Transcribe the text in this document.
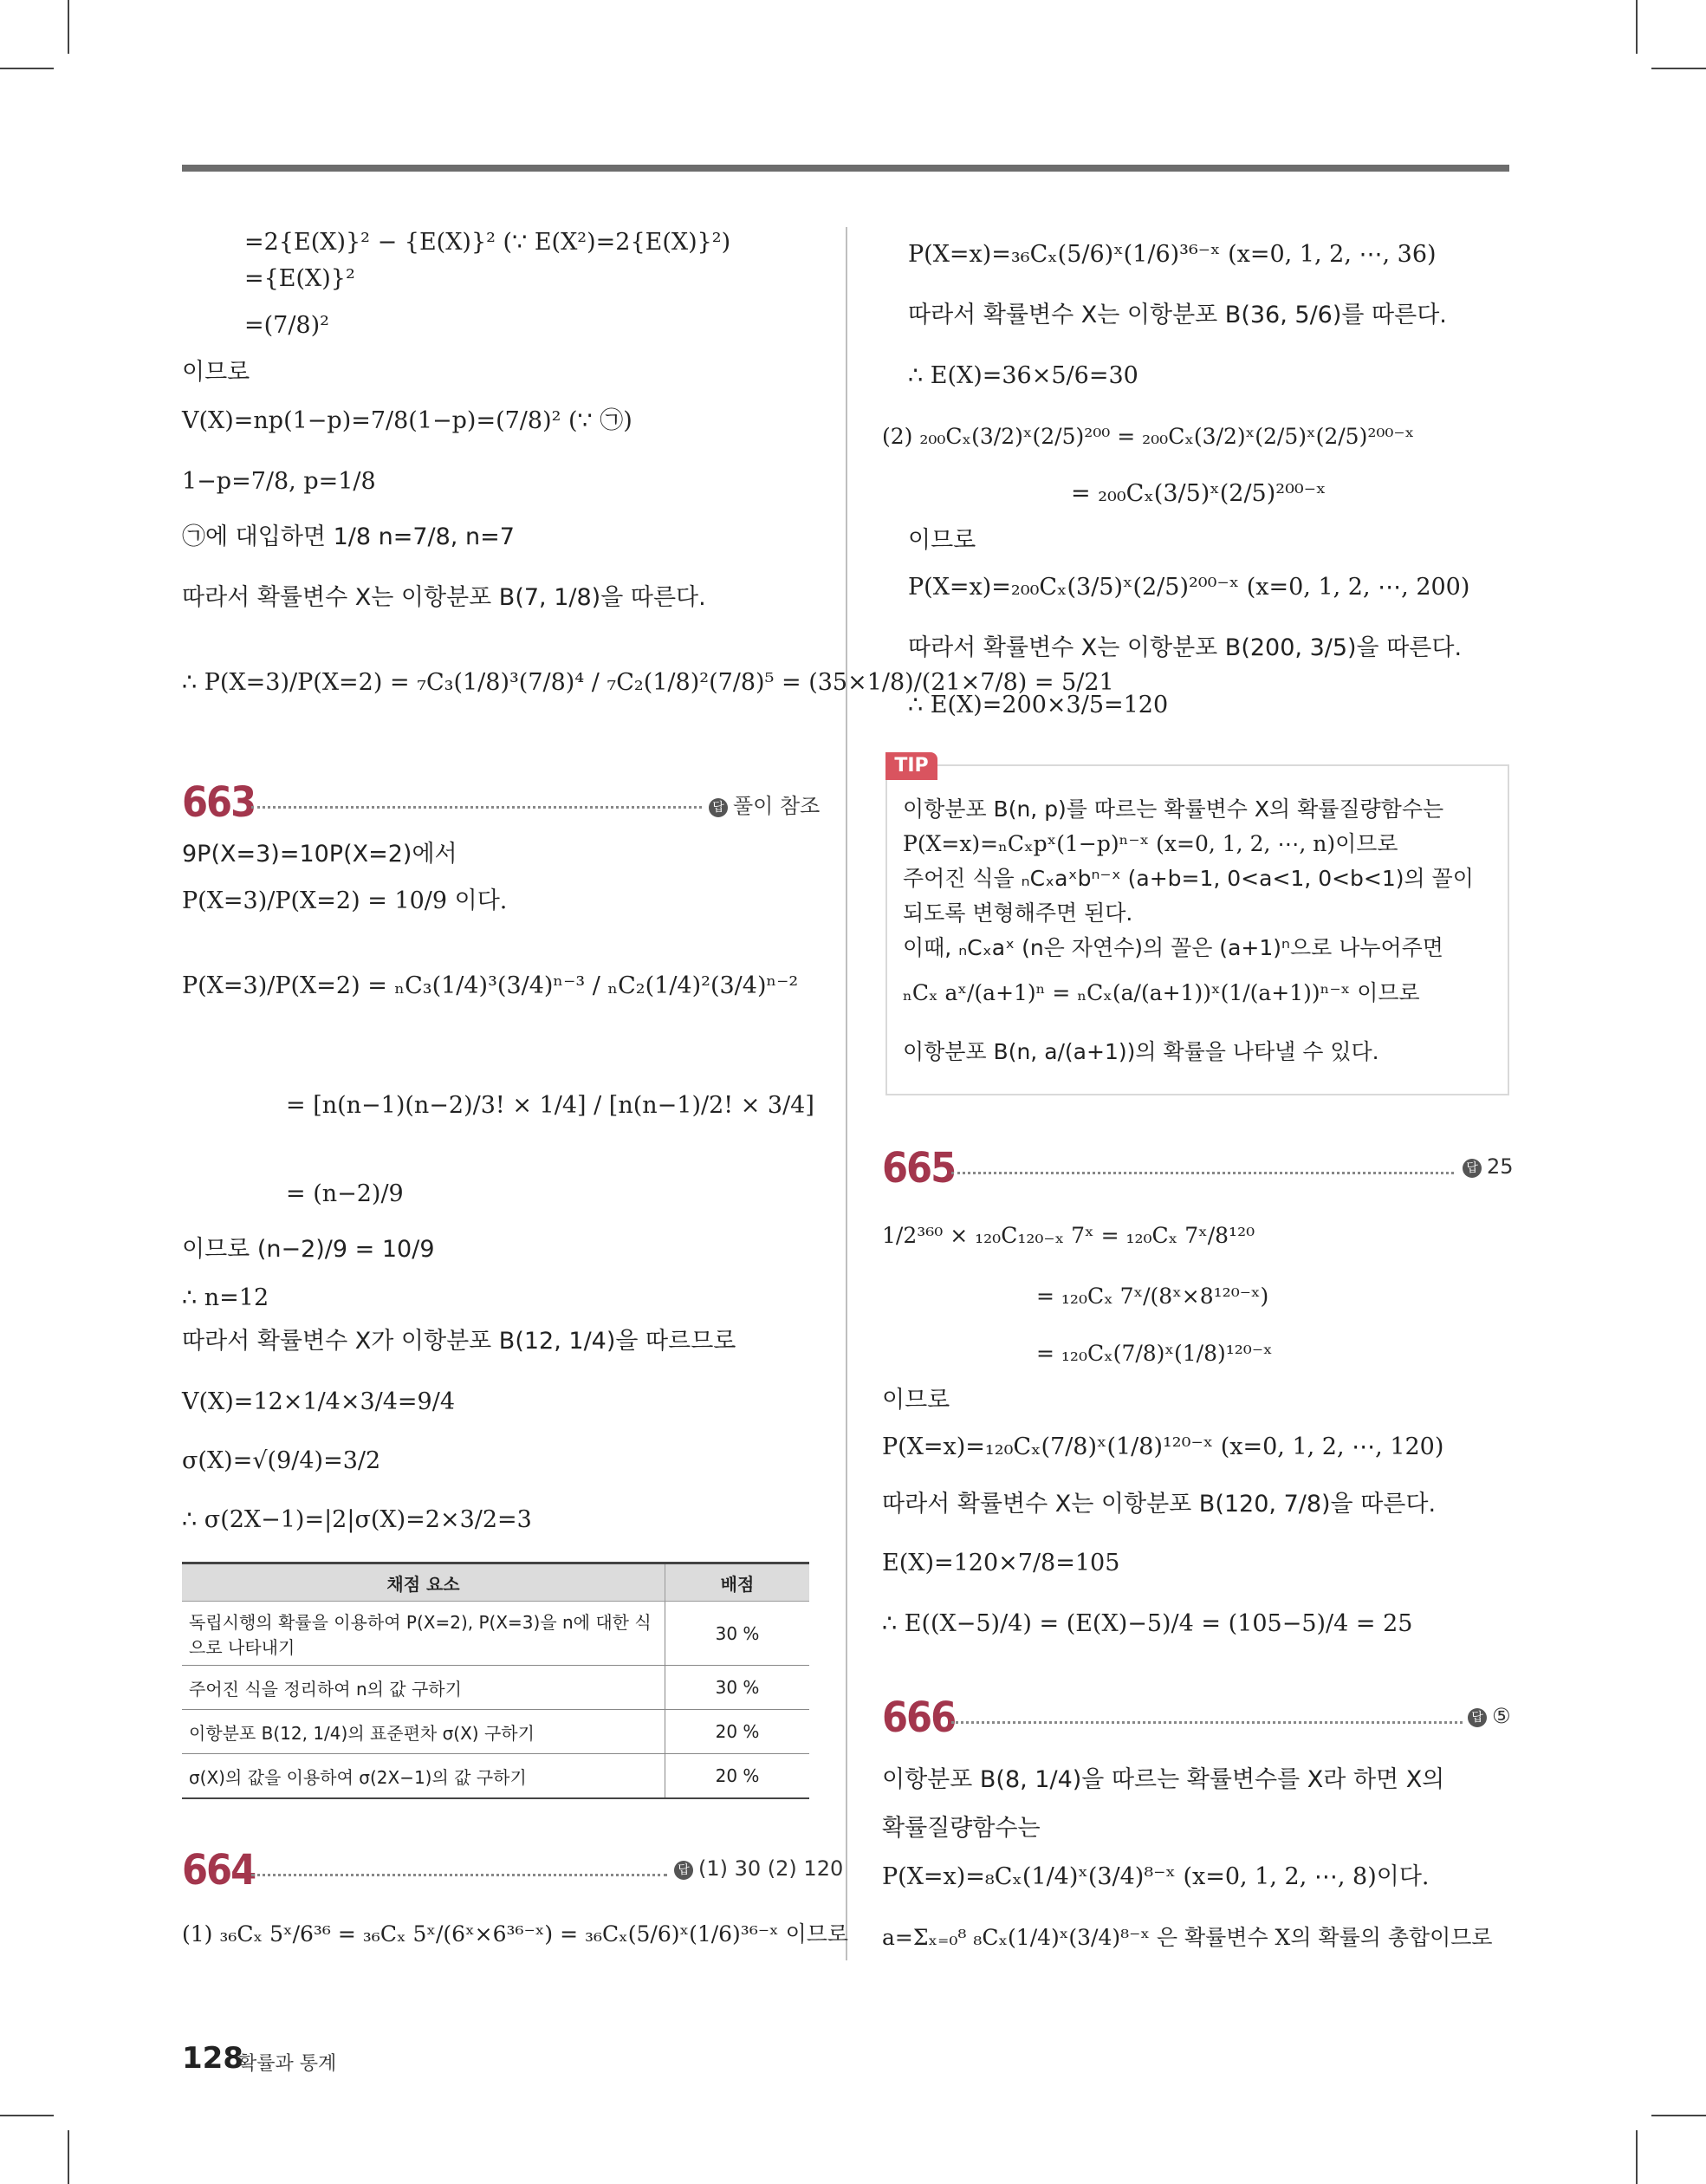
=2{E(X)}² − {E(X)}² (∵ E(X²)=2{E(X)}²)
={E(X)}²
=(7/8)²
이므로
V(X)=np(1−p)=7/8(1−p)=(7/8)² (∵ ㉠)
1−p=7/8, p=1/8
㉠에 대입하면 1/8 n=7/8, n=7
따라서 확률변수 X는 이항분포 B(7, 1/8)을 따른다.
∴ P(X=3)/P(X=2) = ₇C₃(1/8)³(7/8)⁴ / ₇C₂(1/8)²(7/8)⁵ = (35×1/8)/(21×7/8) = 5/21
663	답 풀이 참조
9P(X=3)=10P(X=2)에서
P(X=3)/P(X=2) = 10/9 이다.
P(X=3)/P(X=2) = ₙC₃(1/4)³(3/4)ⁿ⁻³ / ₙC₂(1/4)²(3/4)ⁿ⁻²
= [n(n−1)(n−2)/3! × 1/4] / [n(n−1)/2! × 3/4]
= (n−2)/9
이므로 (n−2)/9 = 10/9
∴ n=12
따라서 확률변수 X가 이항분포 B(12, 1/4)을 따르므로
V(X)=12×1/4×3/4=9/4
σ(X)=√(9/4)=3/2
∴ σ(2X−1)=|2|σ(X)=2×3/2=3
채점 요소	배점
독립시행의 확률을 이용하여 P(X=2), P(X=3)을 n에 대한 식으로 나타내기	30 %
주어진 식을 정리하여 n의 값 구하기	30 %
이항분포 B(12, 1/4)의 표준편차 σ(X) 구하기	20 %
σ(X)의 값을 이용하여 σ(2X−1)의 값 구하기	20 %
664	답 (1) 30 (2) 120
(1) ₃₆Cₓ 5ˣ/6³⁶ = ₃₆Cₓ 5ˣ/(6ˣ×6³⁶⁻ˣ) = ₃₆Cₓ(5/6)ˣ(1/6)³⁶⁻ˣ 이므로
P(X=x)=₃₆Cₓ(5/6)ˣ(1/6)³⁶⁻ˣ (x=0, 1, 2, ⋯, 36)
따라서 확률변수 X는 이항분포 B(36, 5/6)를 따른다.
∴ E(X)=36×5/6=30
(2) ₂₀₀Cₓ(3/2)ˣ(2/5)²⁰⁰ = ₂₀₀Cₓ(3/2)ˣ(2/5)ˣ(2/5)²⁰⁰⁻ˣ
= ₂₀₀Cₓ(3/5)ˣ(2/5)²⁰⁰⁻ˣ
이므로
P(X=x)=₂₀₀Cₓ(3/5)ˣ(2/5)²⁰⁰⁻ˣ (x=0, 1, 2, ⋯, 200)
따라서 확률변수 X는 이항분포 B(200, 3/5)을 따른다.
∴ E(X)=200×3/5=120
TIP
이항분포 B(n, p)를 따르는 확률변수 X의 확률질량함수는
P(X=x)=ₙCₓpˣ(1−p)ⁿ⁻ˣ (x=0, 1, 2, ⋯, n)이므로
주어진 식을 ₙCₓaˣbⁿ⁻ˣ (a+b=1, 0<a<1, 0<b<1)의 꼴이
되도록 변형해주면 된다.
이때, ₙCₓaˣ (n은 자연수)의 꼴은 (a+1)ⁿ으로 나누어주면
ₙCₓ aˣ/(a+1)ⁿ = ₙCₓ(a/(a+1))ˣ(1/(a+1))ⁿ⁻ˣ 이므로
이항분포 B(n, a/(a+1))의 확률을 나타낼 수 있다.
665	답 25
1/2³⁶⁰ × ₁₂₀C₁₂₀₋ₓ 7ˣ = ₁₂₀Cₓ 7ˣ/8¹²⁰
= ₁₂₀Cₓ 7ˣ/(8ˣ×8¹²⁰⁻ˣ)
= ₁₂₀Cₓ(7/8)ˣ(1/8)¹²⁰⁻ˣ
이므로
P(X=x)=₁₂₀Cₓ(7/8)ˣ(1/8)¹²⁰⁻ˣ (x=0, 1, 2, ⋯, 120)
따라서 확률변수 X는 이항분포 B(120, 7/8)을 따른다.
E(X)=120×7/8=105
∴ E((X−5)/4) = (E(X)−5)/4 = (105−5)/4 = 25
666	답 ⑤
이항분포 B(8, 1/4)을 따르는 확률변수를 X라 하면 X의
확률질량함수는
P(X=x)=₈Cₓ(1/4)ˣ(3/4)⁸⁻ˣ (x=0, 1, 2, ⋯, 8)이다.
a=Σₓ₌₀⁸ ₈Cₓ(1/4)ˣ(3/4)⁸⁻ˣ 은 확률변수 X의 확률의 총합이므로
128
확률과 통계
